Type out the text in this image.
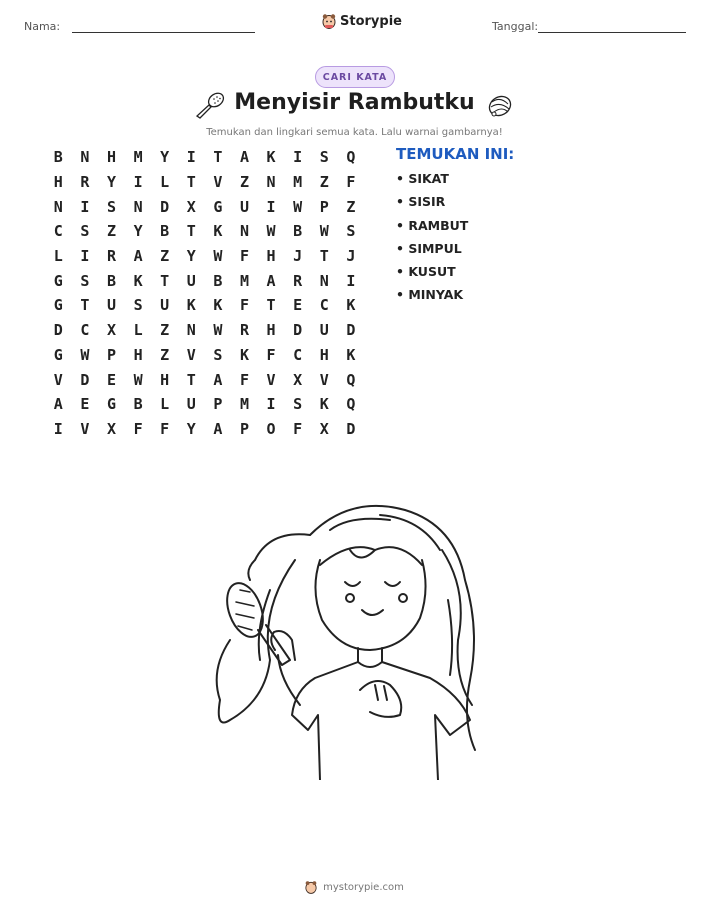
Nama:	Storypie	Tanggal:
CARI KATA
Menyisir Rambutku
Temukan dan lingkari semua kata. Lalu warnai gambarnya!
B	N	H	M	Y	I	T	A	K	I	S	Q
H	R	Y	I	L	T	V	Z	N	M	Z	F
N	I	S	N	D	X	G	U	I	W	P	Z
C	S	Z	Y	B	T	K	N	W	B	W	S
L	I	R	A	Z	Y	W	F	H	J	T	J
G	S	B	K	T	U	B	M	A	R	N	I
G	T	U	S	U	K	K	F	T	E	C	K
D	C	X	L	Z	N	W	R	H	D	U	D
G	W	P	H	Z	V	S	K	F	C	H	K
V	D	E	W	H	T	A	F	V	X	V	Q
A	E	G	B	L	U	P	M	I	S	K	Q
I	V	X	F	F	Y	A	P	O	F	X	D
TEMUKAN INI:
• SIKAT
• SISIR
• RAMBUT
• SIMPUL
• KUSUT
• MINYAK
mystorypie.com
